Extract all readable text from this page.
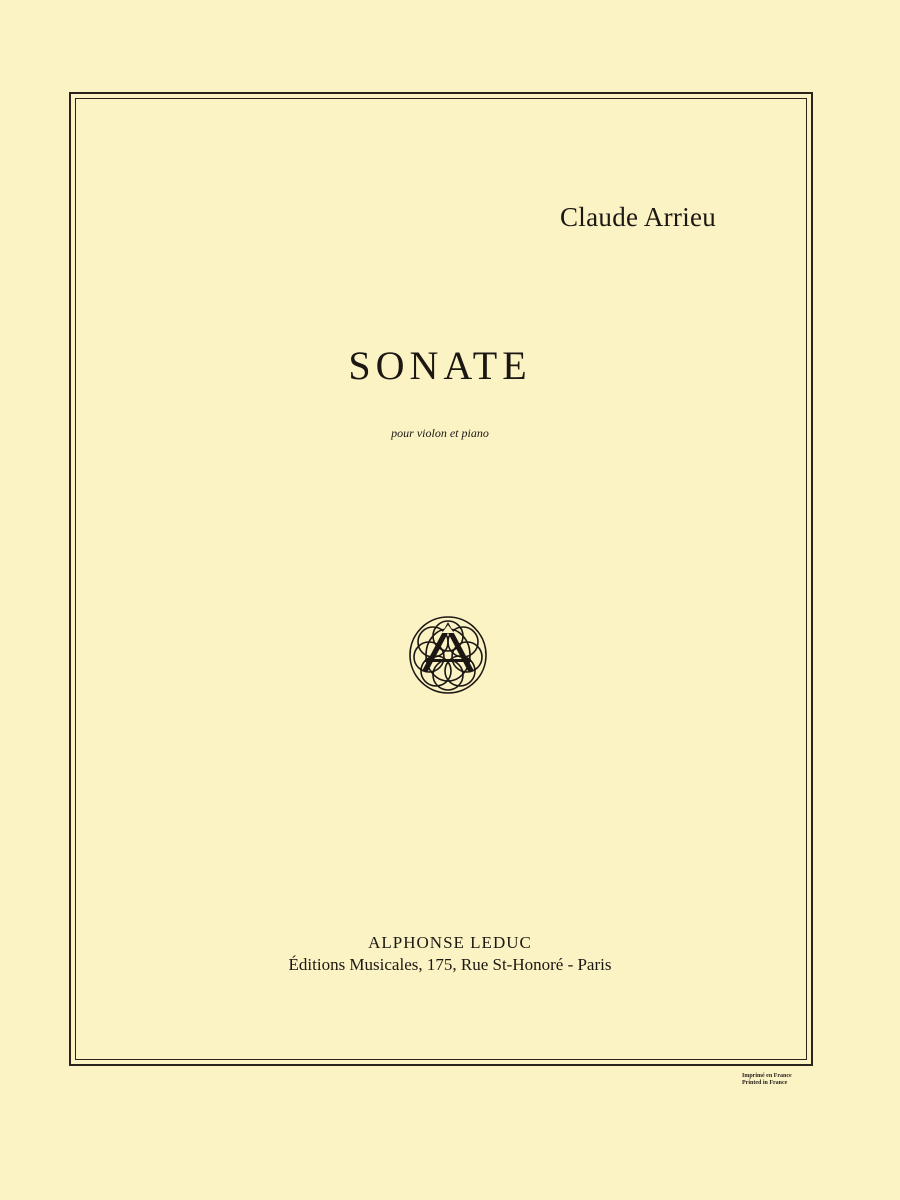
Claude Arrieu
SONATE
pour violon et piano
ALPHONSE LEDUC
Éditions Musicales, 175, Rue St-Honoré - Paris
Imprimé en France
Printed in France
